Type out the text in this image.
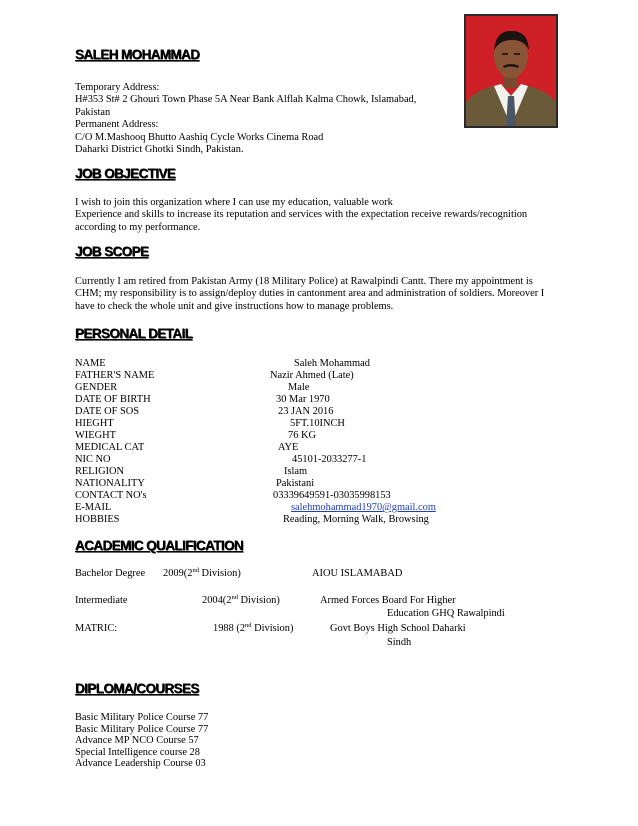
SALEH MOHAMMAD
Temporary Address:
H#353 St# 2 Ghouri Town Phase 5A Near Bank Alflah Kalma Chowk, Islamabad,
Pakistan
Permanent Address:
C/O M.Mashooq Bhutto Aashiq Cycle Works Cinema Road
Daharki District Ghotki Sindh, Pakistan.
JOB OBJECTIVE
I wish to join this organization where I can use my education, valuable work
Experience and skills to increase its reputation and services with the expectation receive rewards/recognition
according to my performance.
JOB SCOPE
Currently I am retired from Pakistan Army (18 Military Police) at Rawalpindi Cantt. There my appointment is
CHM; my responsibility is to assign/deploy duties in cantonment area and administration of soldiers. Moreover I
have to check the whole unit and give instructions how to manage problems.
PERSONAL DETAIL
NAME	Saleh Mohammad
FATHER'S NAME	Nazir Ahmed (Late)
GENDER	Male
DATE OF BIRTH	30 Mar 1970
DATE OF SOS	23 JAN 2016
HIEGHT	5FT.10INCH
WIEGHT	76 KG
MEDICAL CAT	AYE
NIC NO	45101-2033277-1
RELIGION	Islam
NATIONALITY	Pakistani
CONTACT NO's	03339649591-03035998153
E-MAIL	salehmohammad1970@gmail.com
HOBBIES	Reading, Morning Walk, Browsing
ACADEMIC QUALIFICATION
Bachelor Degree 2009(2nd Division)	AIOU ISLAMABAD
Intermediate	2004(2nd Division)	Armed Forces Board For Higher
Education GHQ Rawalpindi
MATRIC:	1988 (2nd Division)	Govt Boys High School Daharki
Sindh
DIPLOMA/COURSES
Basic Military Police Course 77
Basic Military Police Course 77
Advance MP NCO Course 57
Special Intelligence course 28
Advance Leadership Course 03
